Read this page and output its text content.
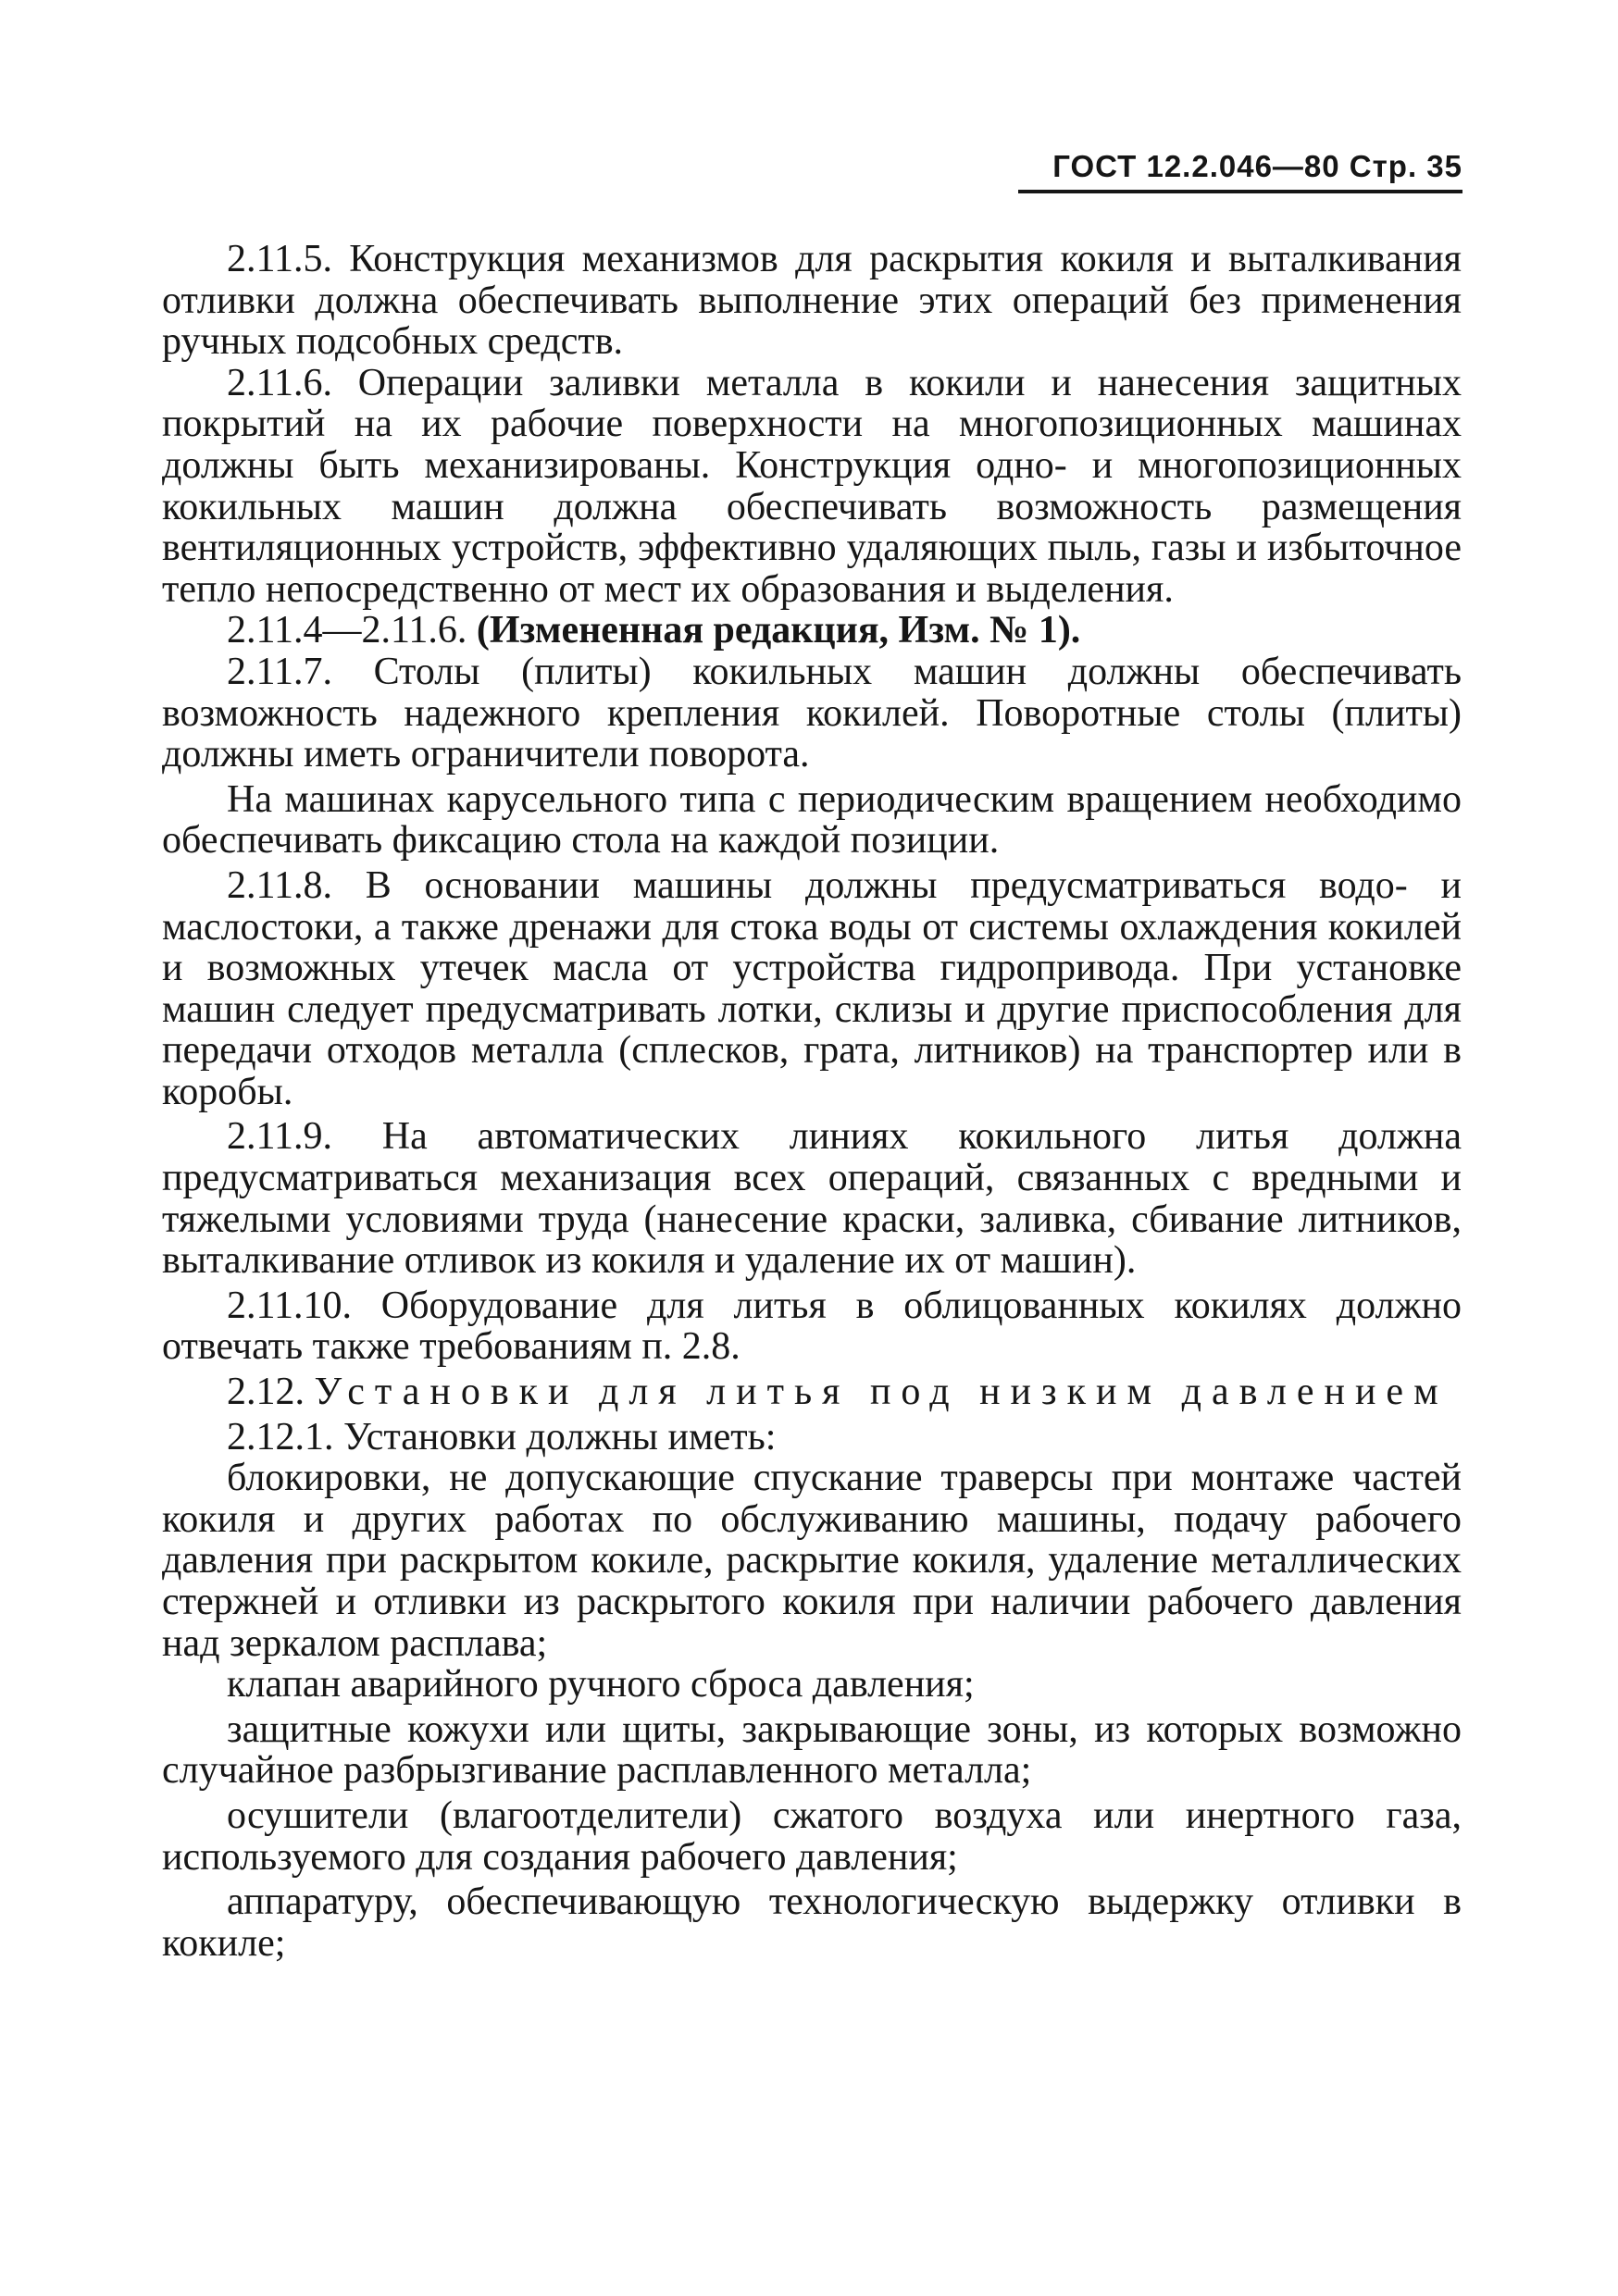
ГОСТ 12.2.046—80 Стр. 35

2.11.5. Конструкция механизмов для раскрытия кокиля и выталкивания отливки должна обеспечивать выполнение этих операций без применения ручных подсобных средств.

2.11.6. Операции заливки металла в кокили и нанесения защитных покрытий на их рабочие поверхности на многопозиционных машинах должны быть механизированы. Конструкция одно- и многопозиционных кокильных машин должна обеспечивать возможность размещения вентиляционных устройств, эффективно удаляющих пыль, газы и избыточное тепло непосредственно от мест их образования и выделения.

2.11.4—2.11.6. (Измененная редакция, Изм. № 1).

2.11.7. Столы (плиты) кокильных машин должны обеспечивать возможность надежного крепления кокилей. Поворотные столы (плиты) должны иметь ограничители поворота.

На машинах карусельного типа с периодическим вращением необходимо обеспечивать фиксацию стола на каждой позиции.

2.11.8. В основании машины должны предусматриваться водо- и маслостоки, а также дренажи для стока воды от системы охлаждения кокилей и возможных утечек масла от устройства гидропривода. При установке машин следует предусматривать лотки, склизы и другие приспособления для передачи отходов металла (сплесков, грата, литников) на транспортер или в коробы.

2.11.9. На автоматических линиях кокильного литья должна предусматриваться механизация всех операций, связанных с вредными и тяжелыми условиями труда (нанесение краски, заливка, сбивание литников, выталкивание отливок из кокиля и удаление их от машин).

2.11.10. Оборудование для литья в облицованных кокилях должно отвечать также требованиям п. 2.8.

2.12. Установки для литья под низким давлением

2.12.1. Установки должны иметь:

блокировки, не допускающие спускание траверсы при монтаже частей кокиля и других работах по обслуживанию машины, подачу рабочего давления при раскрытом кокиле, раскрытие кокиля, удаление металлических стержней и отливки из раскрытого кокиля при наличии рабочего давления над зеркалом расплава;

клапан аварийного ручного сброса давления;

защитные кожухи или щиты, закрывающие зоны, из которых возможно случайное разбрызгивание расплавленного металла;

осушители (влагоотделители) сжатого воздуха или инертного газа, используемого для создания рабочего давления;

аппаратуру, обеспечивающую технологическую выдержку отливки в кокиле;
